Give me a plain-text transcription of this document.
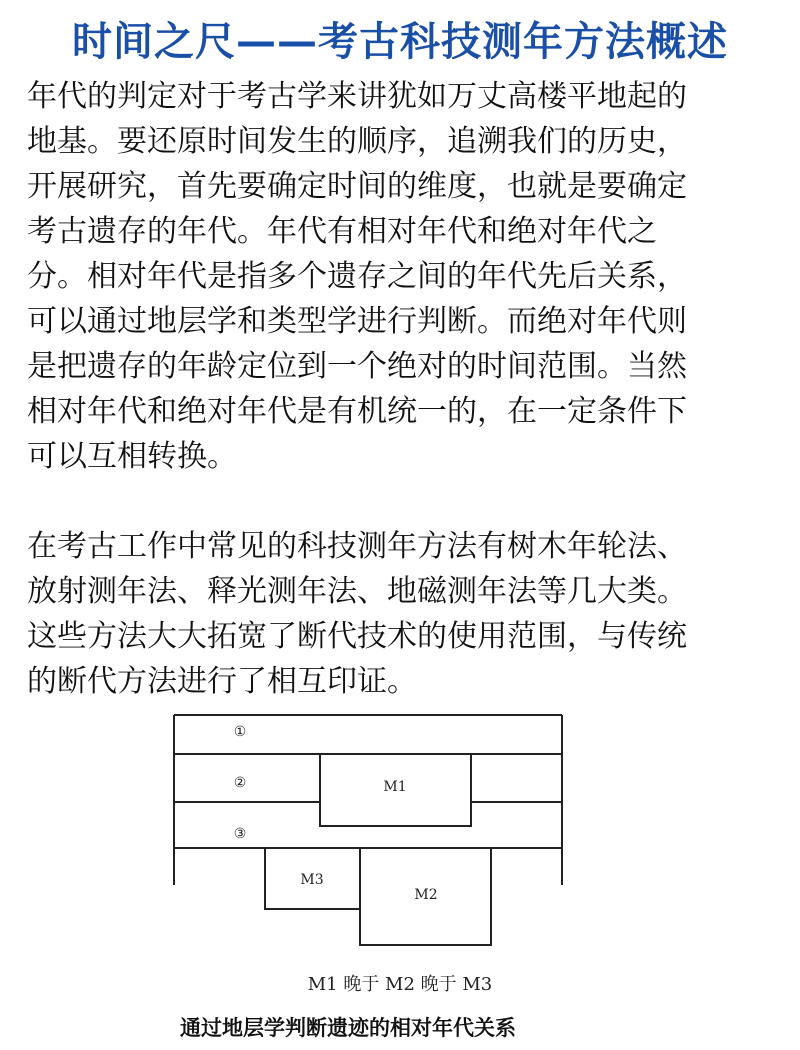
时间之尺——考古科技测年方法概述
年代的判定对于考古学来讲犹如万丈高楼平地起的
地基。要还原时间发生的顺序，追溯我们的历史，
开展研究，首先要确定时间的维度，也就是要确定
考古遗存的年代。年代有相对年代和绝对年代之
分。相对年代是指多个遗存之间的年代先后关系，
可以通过地层学和类型学进行判断。而绝对年代则
是把遗存的年龄定位到一个绝对的时间范围。当然
相对年代和绝对年代是有机统一的，在一定条件下
可以互相转换。
在考古工作中常见的科技测年方法有树木年轮法、
放射测年法、释光测年法、地磁测年法等几大类。
这些方法大大拓宽了断代技术的使用范围，与传统
的断代方法进行了相互印证。
①
②
③
M1
M2
M3
M1 晚于 M2 晚于 M3
通过地层学判断遗迹的相对年代关系
